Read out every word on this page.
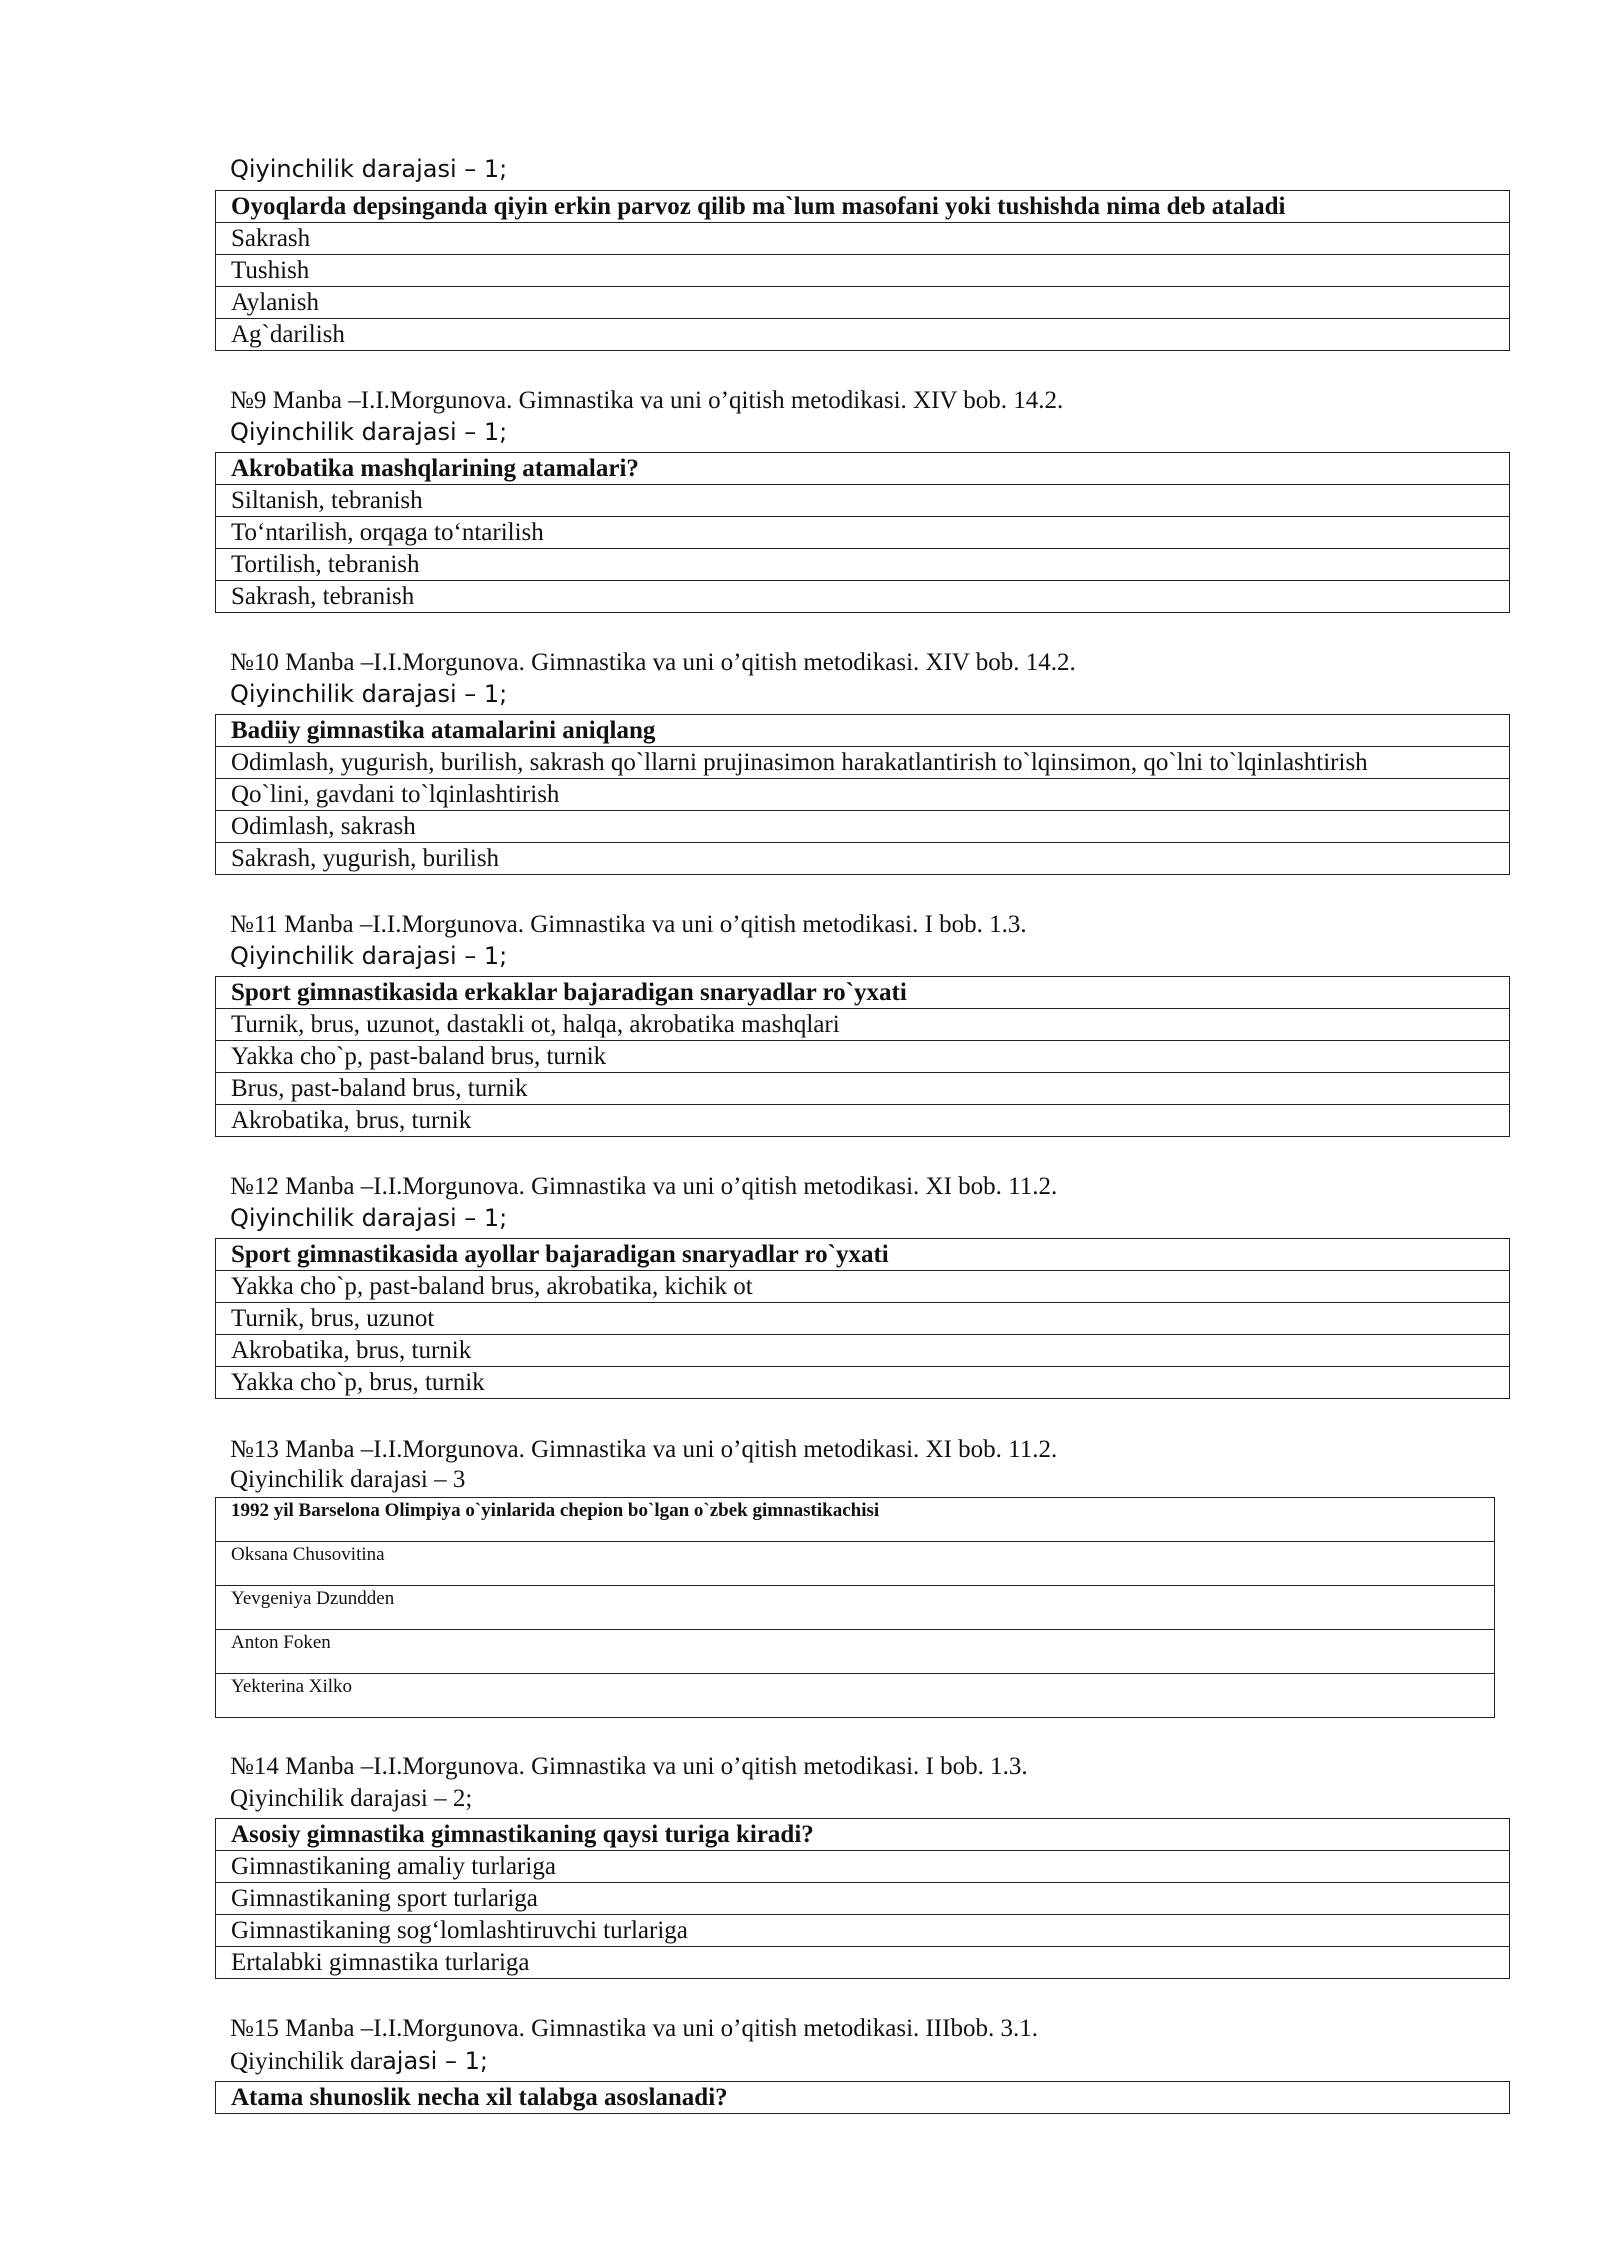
Qiyinchilik darajasi – 1;
Oyoqlarda depsinganda qiyin erkin parvoz qilib ma`lum masofani yoki tushishda nima deb ataladi
Sakrash
Tushish
Aylanish
Ag`darilish
№9 Manba –I.I.Morgunova. Gimnastika va uni o’qitish metodikasi. XIV bob. 14.2.
Qiyinchilik darajasi – 1;
Akrobatika mashqlarining atamalari?
Siltanish, tebranish
To‘ntarilish, orqaga to‘ntarilish
Tortilish, tebranish
Sakrash, tebranish
№10 Manba –I.I.Morgunova. Gimnastika va uni o’qitish metodikasi. XIV bob. 14.2.
Qiyinchilik darajasi – 1;
Badiiy gimnastika atamalarini aniqlang
Odimlash, yugurish, burilish, sakrash qo`llarni prujinasimon harakatlantirish to`lqinsimon, qo`lni to`lqinlashtirish
Qo`lini, gavdani to`lqinlashtirish
Odimlash, sakrash
Sakrash, yugurish, burilish
№11 Manba –I.I.Morgunova. Gimnastika va uni o’qitish metodikasi. I bob. 1.3.
Qiyinchilik darajasi – 1;
Sport gimnastikasida erkaklar bajaradigan snaryadlar ro`yxati
Turnik, brus, uzunot, dastakli ot, halqa, akrobatika mashqlari
Yakka cho`p, past-baland brus, turnik
Brus, past-baland brus, turnik
Akrobatika, brus, turnik
№12 Manba –I.I.Morgunova. Gimnastika va uni o’qitish metodikasi. XI bob. 11.2.
Qiyinchilik darajasi – 1;
Sport gimnastikasida ayollar bajaradigan snaryadlar ro`yxati
Yakka cho`p, past-baland brus, akrobatika, kichik ot
Turnik, brus, uzunot
Akrobatika, brus, turnik
Yakka cho`p, brus, turnik
№13 Manba –I.I.Morgunova. Gimnastika va uni o’qitish metodikasi. XI bob. 11.2.
Qiyinchilik darajasi – 3
1992 yil Barselona Olimpiya o`yinlarida chepion bo`lgan o`zbek gimnastikachisi
Oksana Chusovitina
Yevgeniya Dzundden
Anton Foken
Yekterina Xilko
№14 Manba –I.I.Morgunova. Gimnastika va uni o’qitish metodikasi. I bob. 1.3.
Qiyinchilik darajasi – 2;
Asosiy gimnastika gimnastikaning qaysi turiga kiradi?
Gimnastikaning amaliy turlariga
Gimnastikaning sport turlariga
Gimnastikaning sog‘lomlashtiruvchi turlariga
Ertalabki gimnastika turlariga
№15 Manba –I.I.Morgunova. Gimnastika va uni o’qitish metodikasi. IIIbob. 3.1.
Qiyinchilik darajasi – 1;
Atama shunoslik necha xil talabga asoslanadi?
